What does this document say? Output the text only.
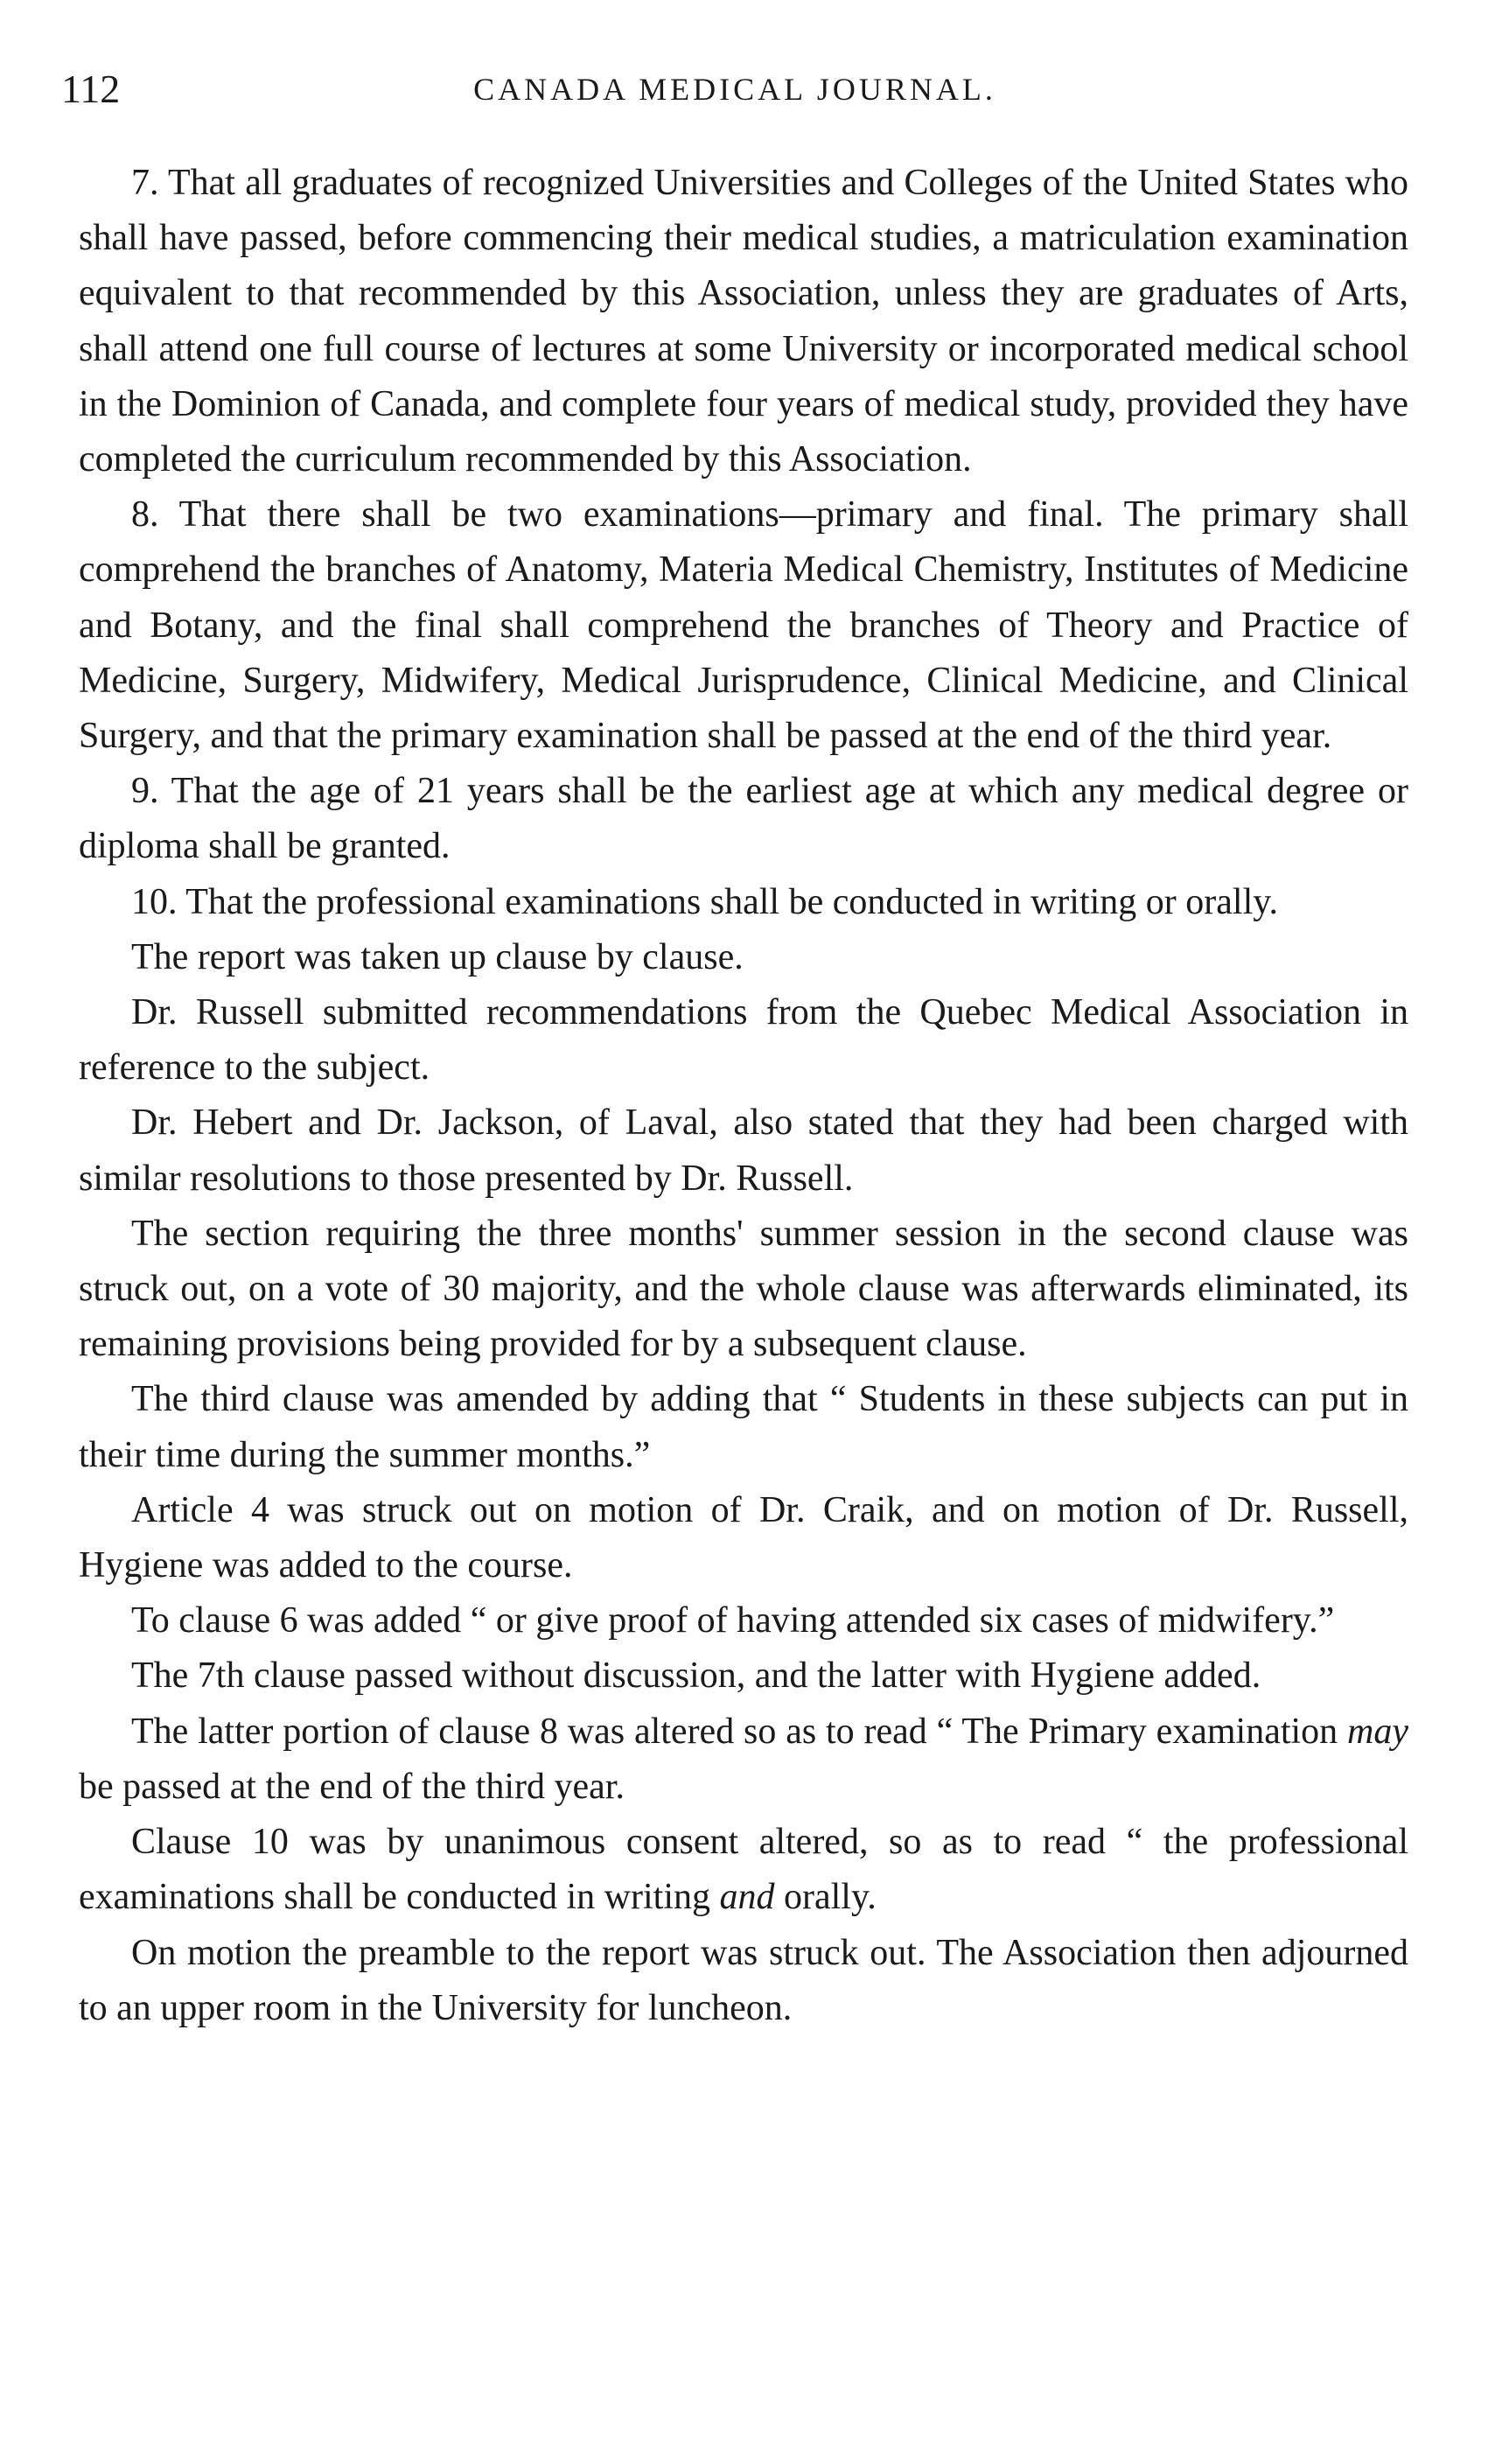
112	CANADA MEDICAL JOURNAL.

7. That all graduates of recognized Universities and Colleges of the United States who shall have passed, before commencing their medical studies, a matriculation examination equivalent to that recommended by this Association, unless they are graduates of Arts, shall attend one full course of lectures at some University or incorporated medical school in the Dominion of Canada, and complete four years of medical study, provided they have completed the curriculum recommended by this Association.

8. That there shall be two examinations—primary and final. The primary shall comprehend the branches of Anatomy, Materia Medical Chemistry, Institutes of Medicine and Botany, and the final shall comprehend the branches of Theory and Practice of Medicine, Surgery, Midwifery, Medical Jurisprudence, Clinical Medicine, and Clinical Surgery, and that the primary examination shall be passed at the end of the third year.

9. That the age of 21 years shall be the earliest age at which any medical degree or diploma shall be granted.

10. That the professional examinations shall be conducted in writing or orally.

The report was taken up clause by clause.

Dr. Russell submitted recommendations from the Quebec Medical Association in reference to the subject.

Dr. Hebert and Dr. Jackson, of Laval, also stated that they had been charged with similar resolutions to those presented by Dr. Russell.

The section requiring the three months' summer session in the second clause was struck out, on a vote of 30 majority, and the whole clause was afterwards eliminated, its remaining provisions being provided for by a subsequent clause.

The third clause was amended by adding that “ Students in these subjects can put in their time during the summer months.”

Article 4 was struck out on motion of Dr. Craik, and on motion of Dr. Russell, Hygiene was added to the course.

To clause 6 was added “ or give proof of having attended six cases of midwifery.”

The 7th clause passed without discussion, and the latter with Hygiene added.

The latter portion of clause 8 was altered so as to read “ The Primary examination may be passed at the end of the third year.

Clause 10 was by unanimous consent altered, so as to read “ the professional examinations shall be conducted in writing and orally.

On motion the preamble to the report was struck out. The Association then adjourned to an upper room in the University for luncheon.
